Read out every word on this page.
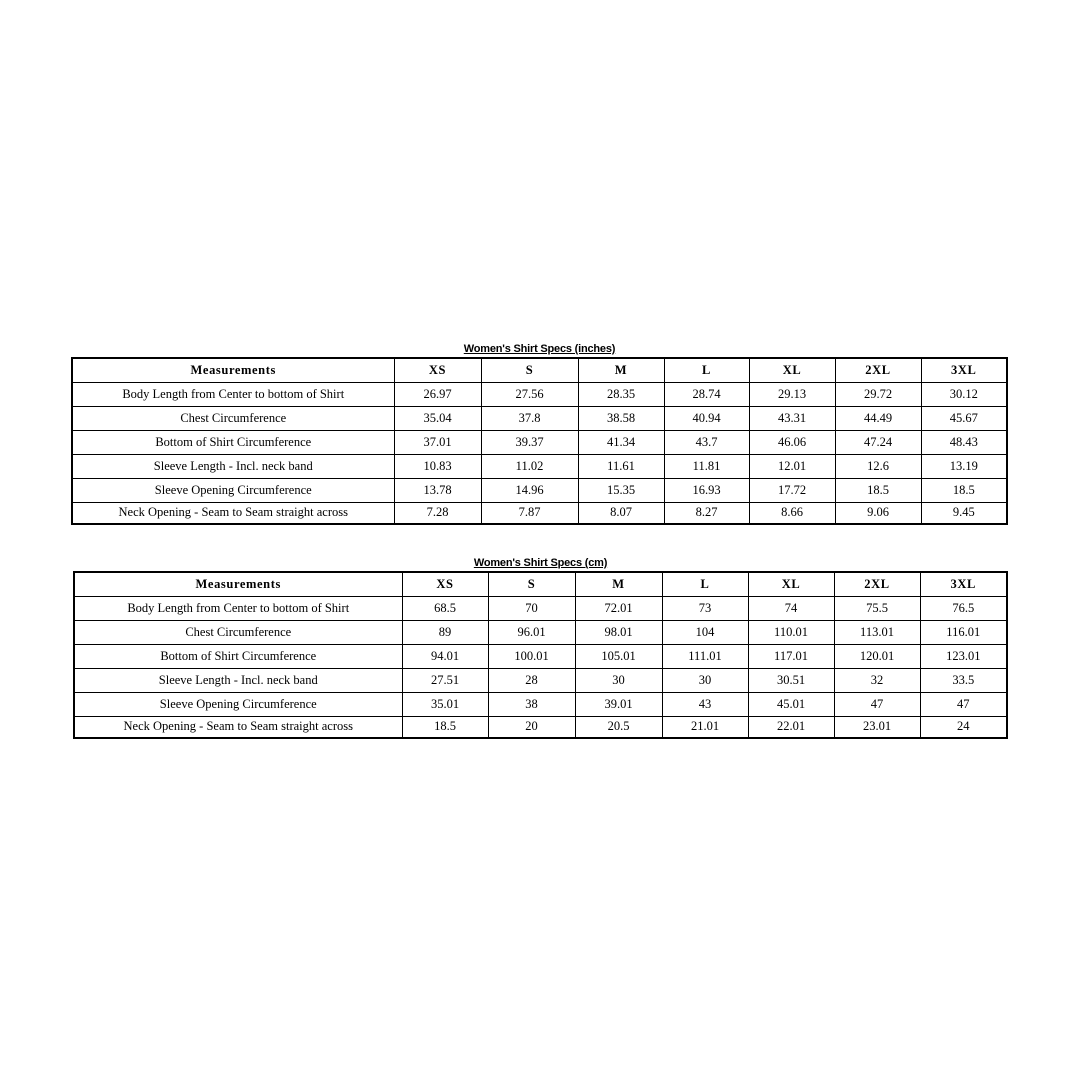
Women's Shirt Specs (inches)
Measurements	XS	S	M	L	XL	2XL	3XL
Body Length from Center to bottom of Shirt	26.97	27.56	28.35	28.74	29.13	29.72	30.12
Chest Circumference	35.04	37.8	38.58	40.94	43.31	44.49	45.67
Bottom of Shirt Circumference	37.01	39.37	41.34	43.7	46.06	47.24	48.43
Sleeve Length - Incl. neck band	10.83	11.02	11.61	11.81	12.01	12.6	13.19
Sleeve Opening Circumference	13.78	14.96	15.35	16.93	17.72	18.5	18.5
Neck Opening - Seam to Seam straight across	7.28	7.87	8.07	8.27	8.66	9.06	9.45
Women's Shirt Specs (cm)
Measurements	XS	S	M	L	XL	2XL	3XL
Body Length from Center to bottom of Shirt	68.5	70	72.01	73	74	75.5	76.5
Chest Circumference	89	96.01	98.01	104	110.01	113.01	116.01
Bottom of Shirt Circumference	94.01	100.01	105.01	111.01	117.01	120.01	123.01
Sleeve Length - Incl. neck band	27.51	28	30	30	30.51	32	33.5
Sleeve Opening Circumference	35.01	38	39.01	43	45.01	47	47
Neck Opening - Seam to Seam straight across	18.5	20	20.5	21.01	22.01	23.01	24
